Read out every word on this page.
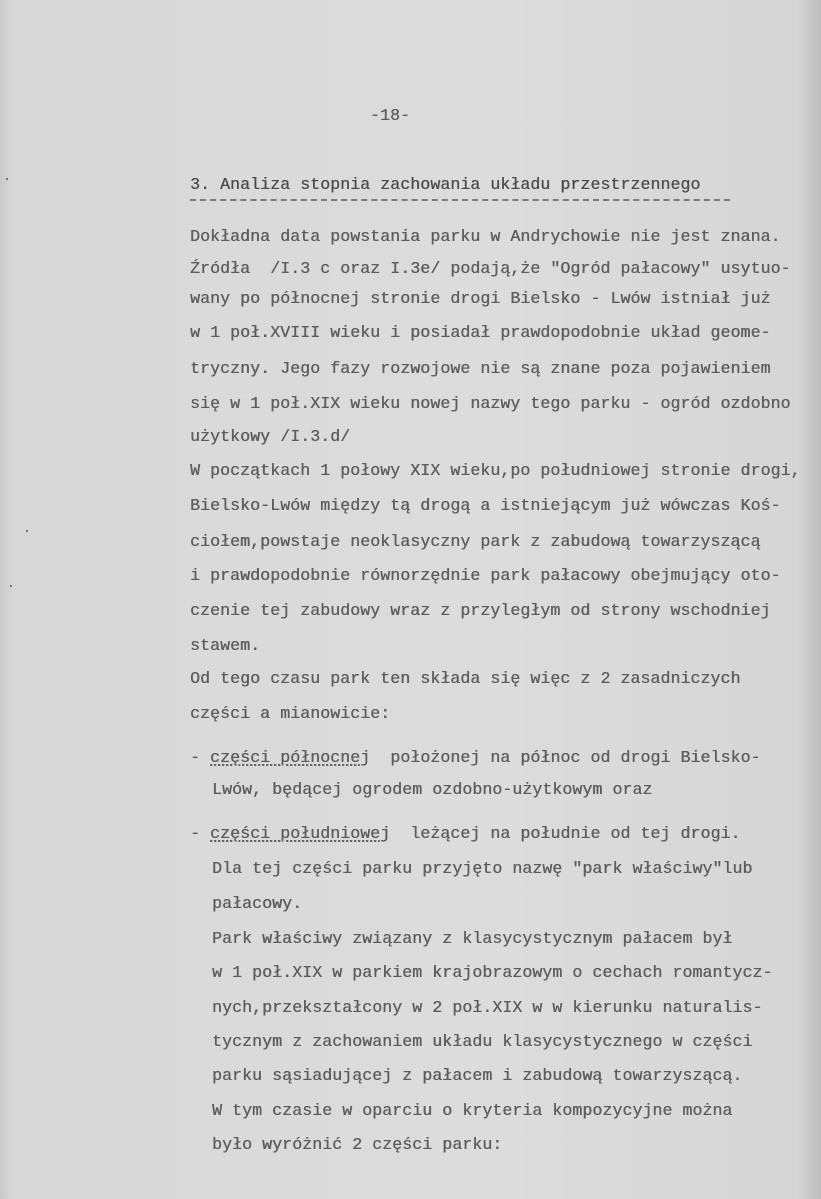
-18-
3. Analiza stopnia zachowania układu przestrzennego
Dokładna data powstania parku w Andrychowie nie jest znana.
Źródła  /I.3 c oraz I.3e/ podają,że "Ogród pałacowy" usytuo-
wany po północnej stronie drogi Bielsko - Lwów istniał już
w 1 poł.XVIII wieku i posiadał prawdopodobnie układ geome-
tryczny. Jego fazy rozwojowe nie są znane poza pojawieniem
się w 1 poł.XIX wieku nowej nazwy tego parku - ogród ozdobno
użytkowy /I.3.d/
W początkach 1 połowy XIX wieku,po południowej stronie drogi,
Bielsko-Lwów między tą drogą a istniejącym już wówczas Koś-
ciołem,powstaje neoklasyczny park z zabudową towarzyszącą
i prawdopodobnie równorzędnie park pałacowy obejmujący oto-
czenie tej zabudowy wraz z przyległym od strony wschodniej
stawem.
Od tego czasu park ten składa się więc z 2 zasadniczych
części a mianowicie:
- części północnej  położonej na północ od drogi Bielsko-
Lwów, będącej ogrodem ozdobno-użytkowym oraz
- części południowej  leżącej na południe od tej drogi.
Dla tej części parku przyjęto nazwę "park właściwy"lub
pałacowy.
Park właściwy związany z klasycystycznym pałacem był
w 1 poł.XIX w parkiem krajobrazowym o cechach romantycz-
nych,przekształcony w 2 poł.XIX w w kierunku naturalis-
tycznym z zachowaniem układu klasycystycznego w części
parku sąsiadującej z pałacem i zabudową towarzyszącą.
W tym czasie w oparciu o kryteria kompozycyjne można
było wyróżnić 2 części parku:
